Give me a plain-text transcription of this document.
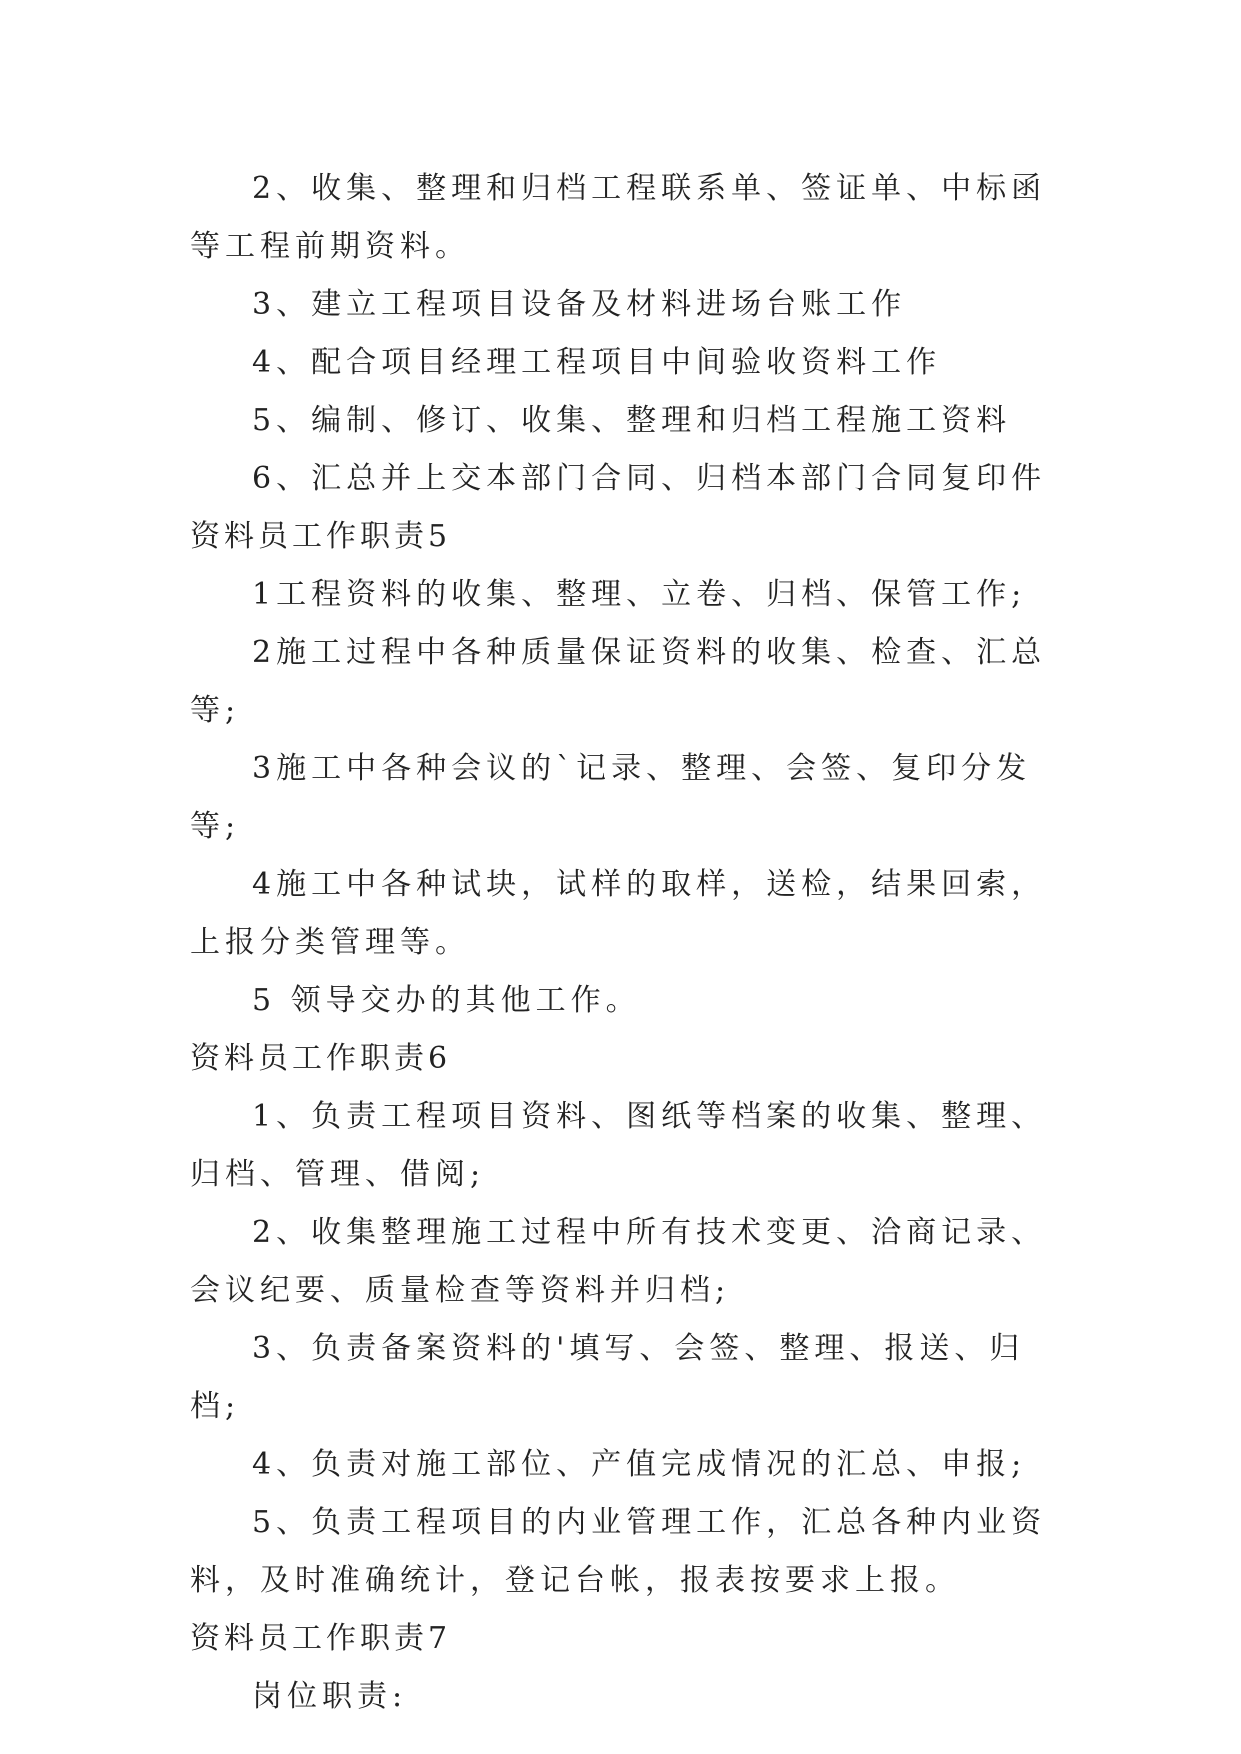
2、收集、整理和归档工程联系单、签证单、中标函等工程前期资料。

3、建立工程项目设备及材料进场台账工作

4、配合项目经理工程项目中间验收资料工作

5、编制、修订、收集、整理和归档工程施工资料

6、汇总并上交本部门合同、归档本部门合同复印件

资料员工作职责5

1工程资料的收集、整理、立卷、归档、保管工作;

2施工过程中各种质量保证资料的收集、检查、汇总等;

3施工中各种会议的`记录、整理、会签、复印分发等;

4施工中各种试块，试样的取样，送检，结果回索，上报分类管理等。

5 领导交办的其他工作。

资料员工作职责6

1、负责工程项目资料、图纸等档案的收集、整理、归档、管理、借阅;

2、收集整理施工过程中所有技术变更、洽商记录、会议纪要、质量检查等资料并归档;

3、负责备案资料的'填写、会签、整理、报送、归档;

4、负责对施工部位、产值完成情况的汇总、申报;

5、负责工程项目的内业管理工作，汇总各种内业资料，及时准确统计，登记台帐，报表按要求上报。

资料员工作职责7

岗位职责:
